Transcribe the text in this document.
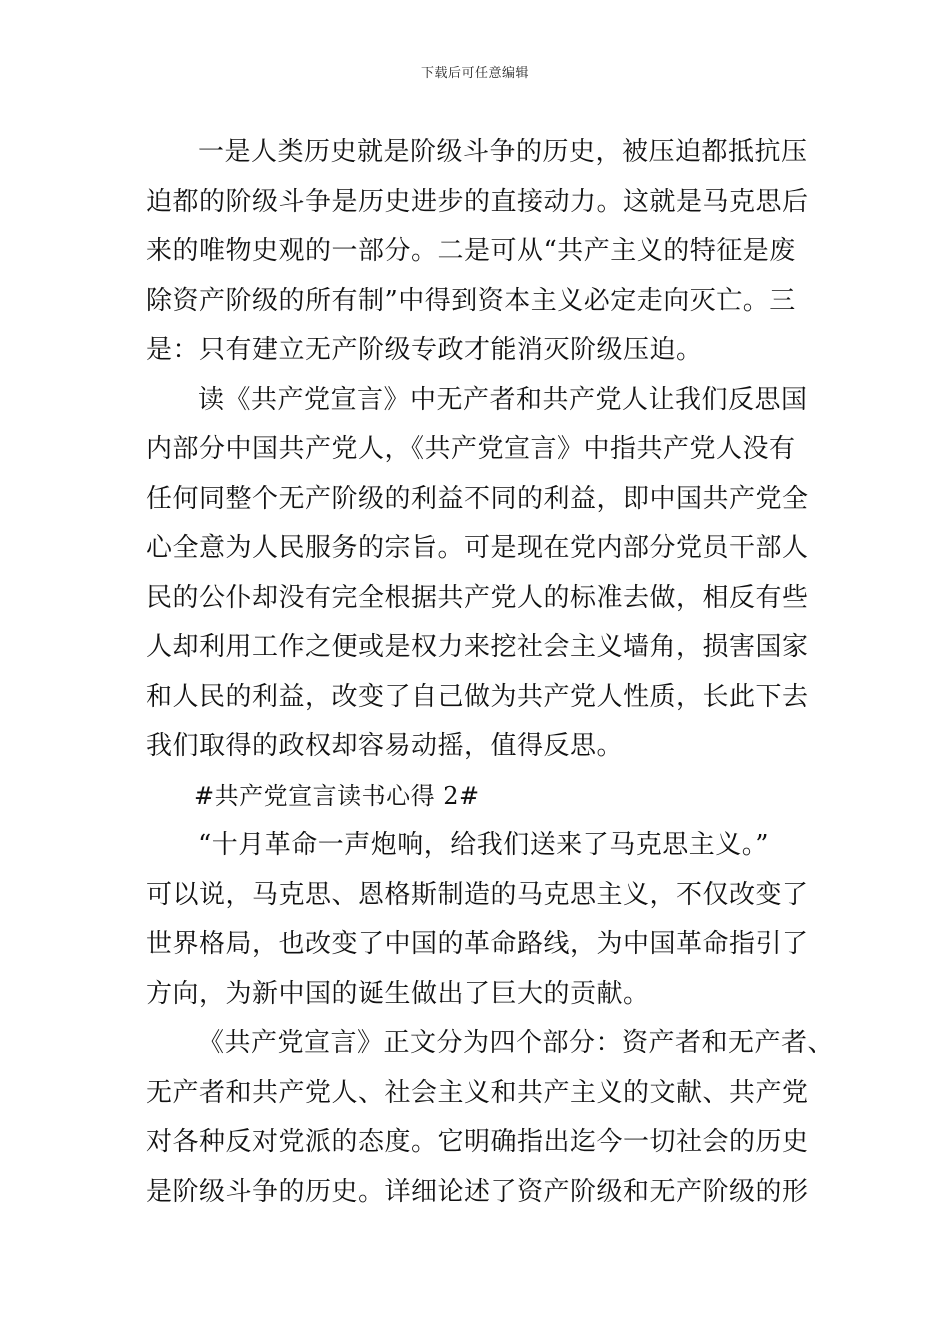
下载后可任意编辑

一是人类历史就是阶级斗争的历史，被压迫都抵抗压
迫都的阶级斗争是历史进步的直接动力。这就是马克思后
来的唯物史观的一部分。二是可从“共产主义的特征是废
除资产阶级的所有制”中得到资本主义必定走向灭亡。三
是：只有建立无产阶级专政才能消灭阶级压迫。

读《共产党宣言》中无产者和共产党人让我们反思国
内部分中国共产党人，《共产党宣言》中指共产党人没有
任何同整个无产阶级的利益不同的利益，即中国共产党全
心全意为人民服务的宗旨。可是现在党内部分党员干部人
民的公仆却没有完全根据共产党人的标准去做，相反有些
人却利用工作之便或是权力来挖社会主义墙角，损害国家
和人民的利益，改变了自己做为共产党人性质，长此下去
我们取得的政权却容易动摇，值得反思。

#共产党宣言读书心得 2#

“十月革命一声炮响，给我们送来了马克思主义。”
可以说，马克思、恩格斯制造的马克思主义，不仅改变了
世界格局，也改变了中国的革命路线，为中国革命指引了
方向，为新中国的诞生做出了巨大的贡献。

《共产党宣言》正文分为四个部分：资产者和无产者、
无产者和共产党人、社会主义和共产主义的文献、共产党
对各种反对党派的态度。它明确指出迄今一切社会的历史
是阶级斗争的历史。详细论述了资产阶级和无产阶级的形
